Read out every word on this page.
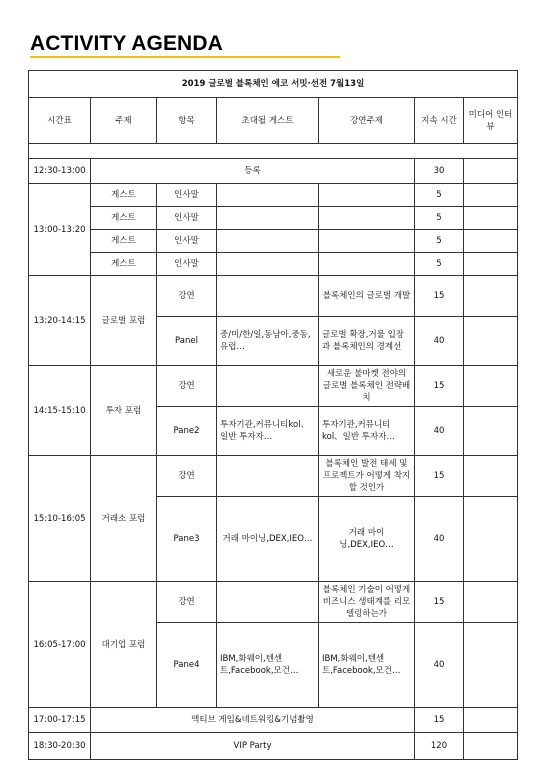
ACTIVITY AGENDA
2019 글로벌 블록체인 에코 서밋·선전 7월13일						
시간표	주제	항목	초대될 게스트	강연주제	지속 시간	미디어 인터뷰

12:30-13:00	등록				30	
13:00-13:20	게스트	인사말			5	
	게스트	인사말			5	
	게스트	인사말			5	
	게스트	인사말			5	
13:20-14:15	글로벌 포럼	강연		블록체인의 글로벌 개발	15	
		Panel	중/미/한/일,동남아,중동,유럽…	글로벌 확장,거물 입장과 블록체인의 경계선	40	
14:15-15:10	투자 포럼	강연		새로운 불마켓 전야의 글로벌 블록체인 전략배치	15	
		Pane2	투자기관,커뮤니티kol、일반 투자자…	투자기관,커뮤니티kol、일반 투자자…	40	
15:10-16:05	거래소 포럼	강연		블록체인 발전 태세 및 프로젝트가 어떻게 착지할 것인가	15	
		Pane3	거래 마이닝,DEX,IEO…	거래 마이닝,DEX,IEO…	40	
16:05-17:00	대기업 포럼	강연		블록체인 기술이 어떻게 비즈니스 생태계를 리모델링하는가	15	
		Pane4	IBM,화웨이,텐센트,Facebook,모건…	IBM,화웨이,텐센트,Facebook,모건…	40	
17:00-17:15	액티브 게임&네트워킹&기념촬영				15	
18:30-20:30	VIP Party				120	
